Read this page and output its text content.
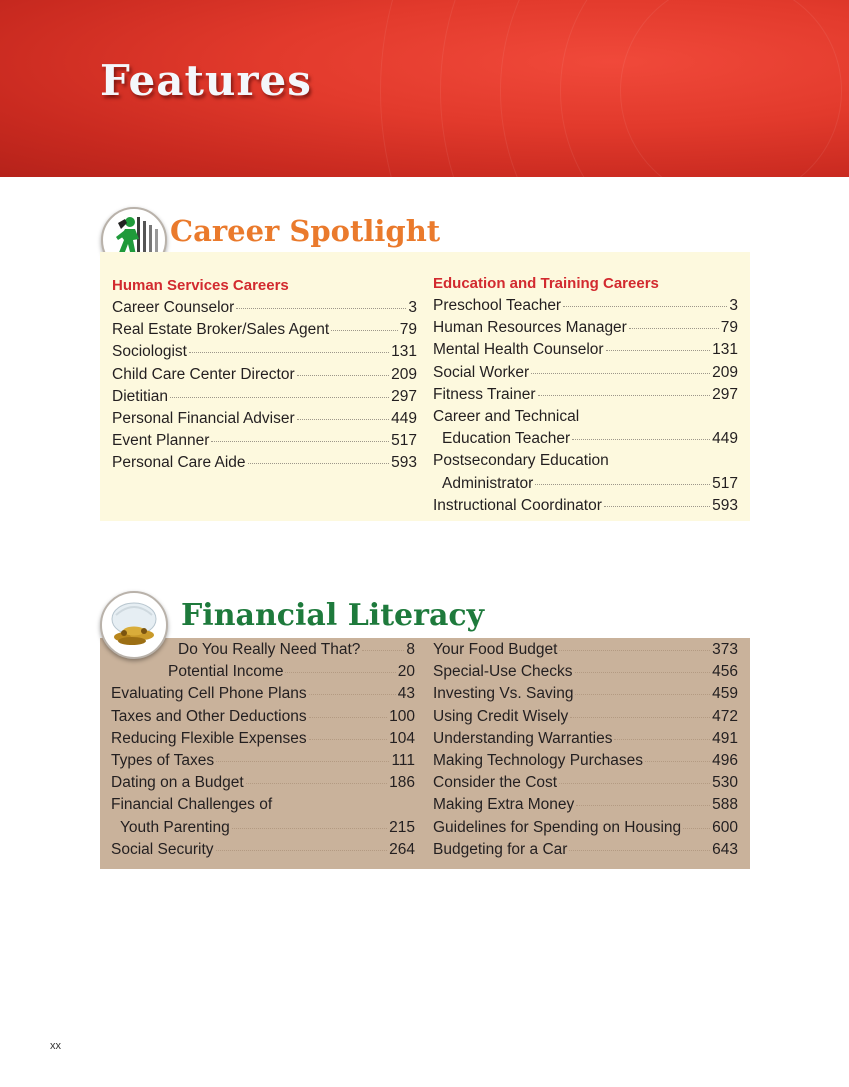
Features
Career Spotlight
Human Services Careers
Career Counselor	3
Real Estate Broker/Sales Agent	79
Sociologist	131
Child Care Center Director	209
Dietitian	297
Personal Financial Adviser	449
Event Planner	517
Personal Care Aide	593
Education and Training Careers
Preschool Teacher	3
Human Resources Manager	79
Mental Health Counselor	131
Social Worker	209
Fitness Trainer	297
Career and Technical
Education Teacher	449
Postsecondary Education
Administrator	517
Instructional Coordinator	593
Do You Really Need That?	8
Potential Income	20
Evaluating Cell Phone Plans	43
Taxes and Other Deductions	100
Reducing Flexible Expenses	104
Types of Taxes	111
Dating on a Budget	186
Financial Challenges of
Youth Parenting	215
Social Security	264
Your Food Budget	373
Special-Use Checks	456
Investing Vs. Saving	459
Using Credit Wisely	472
Understanding Warranties	491
Making Technology Purchases	496
Consider the Cost	530
Making Extra Money	588
Guidelines for Spending on Housing 600
Budgeting for a Car	643
Financial Literacy
xx
